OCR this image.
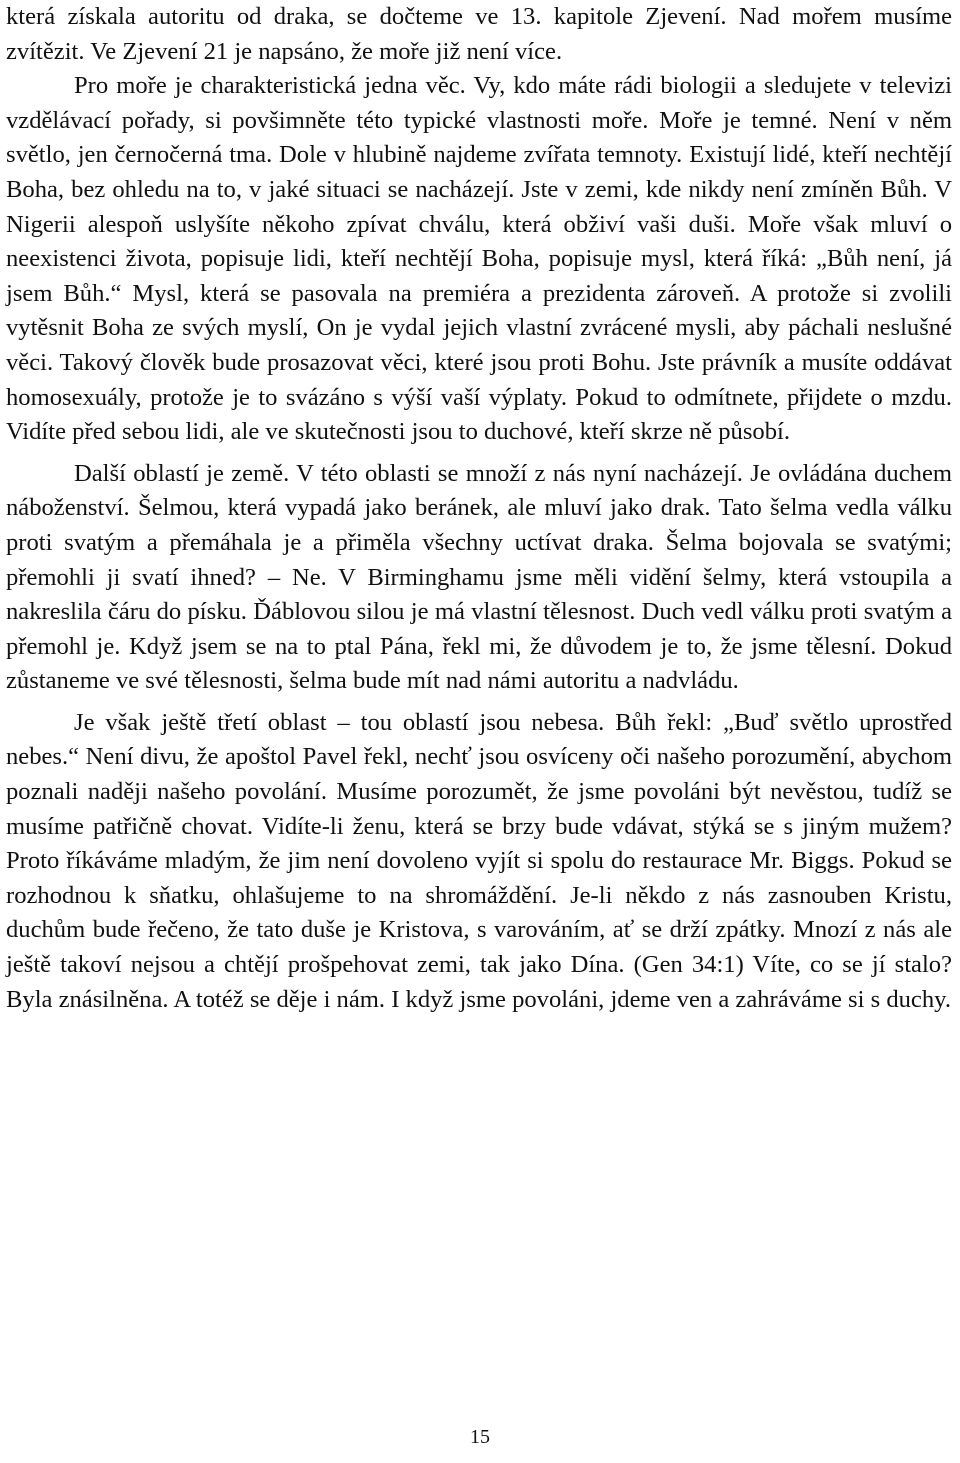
která získala autoritu od draka, se dočteme ve 13. kapitole Zjevení. Nad mořem musíme zvítězit. Ve Zjevení 21 je napsáno, že moře již není více.

Pro moře je charakteristická jedna věc. Vy, kdo máte rádi biologii a sledujete v televizi vzdělávací pořady, si povšimněte této typické vlastnosti moře. Moře je temné. Není v něm světlo, jen černočerná tma. Dole v hlubině najdeme zvířata temnoty. Existují lidé, kteří nechtějí Boha, bez ohledu na to, v jaké situaci se nacházejí. Jste v zemi, kde nikdy není zmíněn Bůh. V Nigerii alespoň uslyšíte někoho zpívat chválu, která obživí vaši duši. Moře však mluví o neexistenci života, popisuje lidi, kteří nechtějí Boha, popisuje mysl, která říká: „Bůh není, já jsem Bůh.“ Mysl, která se pasovala na premiéra a prezidenta zároveň. A protože si zvolili vytěsnit Boha ze svých myslí, On je vydal jejich vlastní zvrácené mysli, aby páchali neslušné věci. Takový člověk bude prosazovat věci, které jsou proti Bohu. Jste právník a musíte oddávat homosexuály, protože je to svázáno s výší vaší výplaty. Pokud to odmítnete, přijdete o mzdu. Vidíte před sebou lidi, ale ve skutečnosti jsou to duchové, kteří skrze ně působí.

Další oblastí je země. V této oblasti se množí z nás nyní nacházejí. Je ovládána duchem náboženství. Šelmou, která vypadá jako beránek, ale mluví jako drak. Tato šelma vedla válku proti svatým a přemáhala je a přiměla všechny uctívat draka. Šelma bojovala se svatými; přemohli ji svatí ihned? – Ne. V Birminghamu jsme měli vidění šelmy, která vstoupila a nakreslila čáru do písku. Ďáblovou silou je má vlastní tělesnost. Duch vedl válku proti svatým a přemohl je. Když jsem se na to ptal Pána, řekl mi, že důvodem je to, že jsme tělesní. Dokud zůstaneme ve své tělesnosti, šelma bude mít nad námi autoritu a nadvládu.

Je však ještě třetí oblast – tou oblastí jsou nebesa. Bůh řekl: „Buď světlo uprostřed nebes.“ Není divu, že apoštol Pavel řekl, nechť jsou osvíceny oči našeho porozumění, abychom poznali naději našeho povolání. Musíme porozumět, že jsme povoláni být nevěstou, tudíž se musíme patřičně chovat. Vidíte-li ženu, která se brzy bude vdávat, stýká se s jiným mužem? Proto říkáváme mladým, že jim není dovoleno vyjít si spolu do restaurace Mr. Biggs. Pokud se rozhodnou k sňatku, ohlašujeme to na shromáždění. Je-li někdo z nás zasnouben Kristu, duchům bude řečeno, že tato duše je Kristova, s varováním, ať se drží zpátky. Mnozí z nás ale ještě takoví nejsou a chtějí prošpehovat zemi, tak jako Dína. (Gen 34:1) Víte, co se jí stalo? Byla znásilněna. A totéž se děje i nám. I když jsme povoláni, jdeme ven a zahráváme si s duchy.

15
